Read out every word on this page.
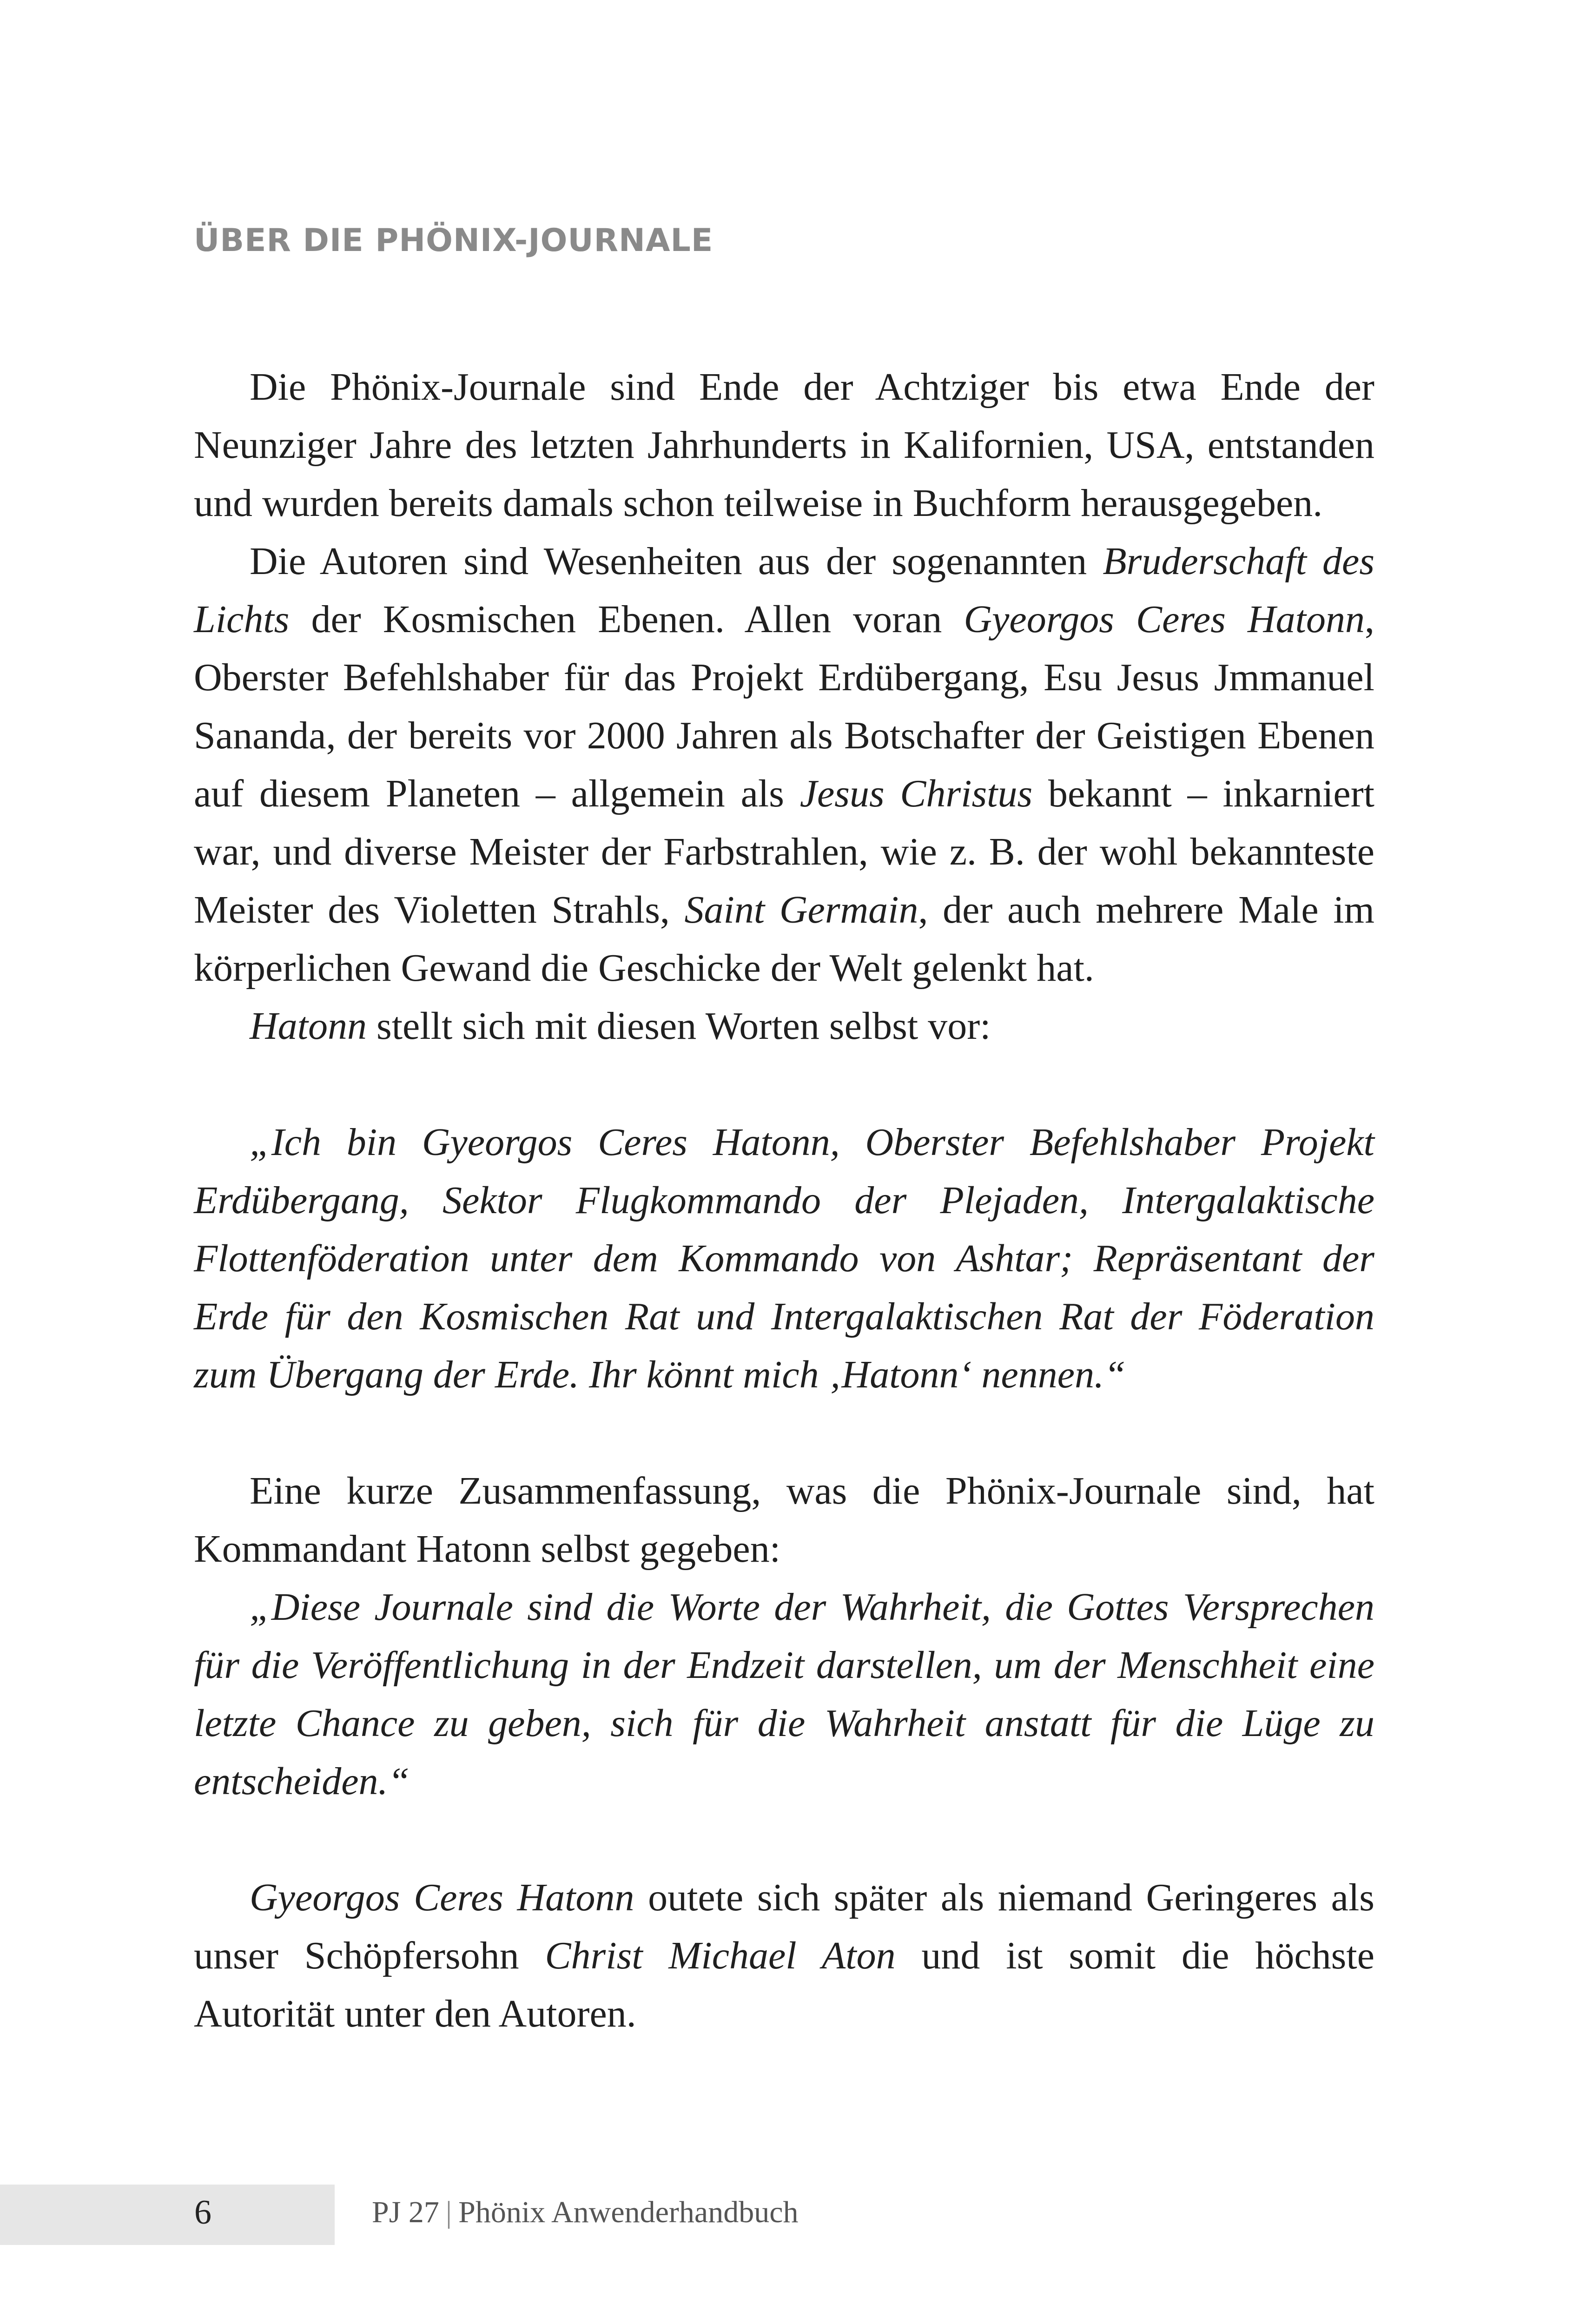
ÜBER DIE PHÖNIX-JOURNALE

Die Phönix-Journale sind Ende der Achtziger bis etwa Ende der Neunziger Jahre des letzten Jahrhunderts in Kalifornien, USA, entstanden und wurden bereits damals schon teilweise in Buchform herausgegeben.

Die Autoren sind Wesenheiten aus der sogenannten Bruderschaft des Lichts der Kosmischen Ebenen. Allen voran Gyeorgos Ceres Hatonn, Oberster Befehlshaber für das Projekt Erdübergang, Esu Jesus Jmmanuel Sananda, der bereits vor 2000 Jahren als Botschafter der Geistigen Ebenen auf diesem Planeten – allgemein als Jesus Christus bekannt – inkarniert war, und diverse Meister der Farbstrahlen, wie z. B. der wohl bekannteste Meister des Violetten Strahls, Saint Germain, der auch mehrere Male im körperlichen Gewand die Geschicke der Welt gelenkt hat.

Hatonn stellt sich mit diesen Worten selbst vor:

„Ich bin Gyeorgos Ceres Hatonn, Oberster Befehlshaber Projekt Erdübergang, Sektor Flugkommando der Plejaden, Intergalaktische Flottenföderation unter dem Kommando von Ashtar; Repräsentant der Erde für den Kosmischen Rat und Intergalaktischen Rat der Föderation zum Übergang der Erde. Ihr könnt mich ‚Hatonn‘ nennen.“

Eine kurze Zusammenfassung, was die Phönix-Journale sind, hat Kommandant Hatonn selbst gegeben:

„Diese Journale sind die Worte der Wahrheit, die Gottes Versprechen für die Veröffentlichung in der Endzeit darstellen, um der Menschheit eine letzte Chance zu geben, sich für die Wahrheit anstatt für die Lüge zu entscheiden.“

Gyeorgos Ceres Hatonn outete sich später als niemand Geringeres als unser Schöpfersohn Christ Michael Aton und ist somit die höchste Autorität unter den Autoren.

6	PJ 27 | Phönix Anwenderhandbuch
